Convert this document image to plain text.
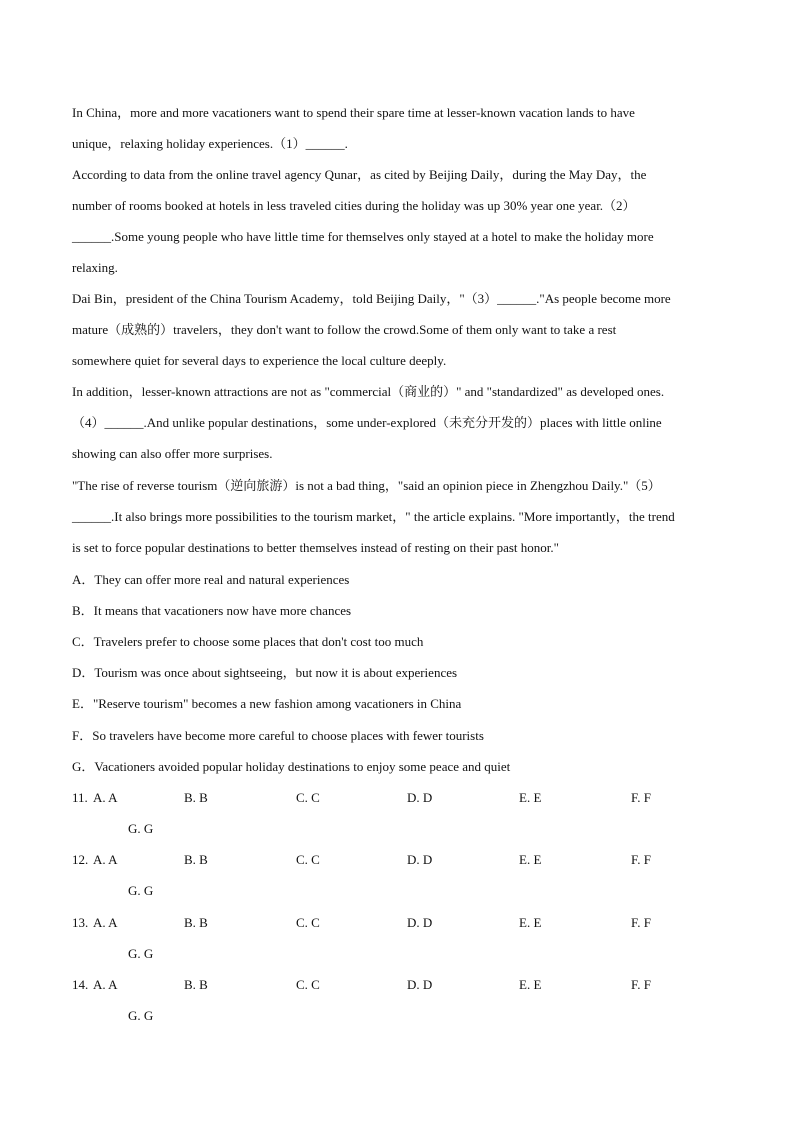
In China，more and more vacationers want to spend their spare time at lesser-known vacation lands to have
unique，relaxing holiday experiences.（1）______.
According to data from the online travel agency Qunar，as cited by Beijing Daily，during the May Day，the
number of rooms booked at hotels in less traveled cities during the holiday was up 30% year one year.（2）
______.Some young people who have little time for themselves only stayed at a hotel to make the holiday more
relaxing.
Dai Bin，president of the China Tourism Academy，told Beijing Daily，"（3）______."As people become more
mature（成熟的）travelers，they don't want to follow the crowd.Some of them only want to take a rest
somewhere quiet for several days to experience the local culture deeply.
In addition，lesser-known attractions are not as "commercial（商业的）" and "standardized" as developed ones.
（4）______.And unlike popular destinations，some under-explored（未充分开发的）places with little online
showing can also offer more surprises.
"The rise of reverse tourism（逆向旅游）is not a bad thing，"said an opinion piece in Zhengzhou Daily."（5）
______.It also brings more possibilities to the tourism market，" the article explains. "More importantly，the trend
is set to force popular destinations to better themselves instead of resting on their past honor."
A．They can offer more real and natural experiences
B．It means that vacationers now have more chances
C．Travelers prefer to choose some places that don't cost too much
D．Tourism was once about sightseeing，but now it is about experiences
E．"Reserve tourism" becomes a new fashion among vacationers in China
F．So travelers have become more careful to choose places with fewer tourists
G．Vacationers avoided popular holiday destinations to enjoy some peace and quiet
11. A. A	B. B	C. C	D. D	E. E	F. F
G. G
12. A. A	B. B	C. C	D. D	E. E	F. F
G. G
13. A. A	B. B	C. C	D. D	E. E	F. F
G. G
14. A. A	B. B	C. C	D. D	E. E	F. F
G. G
